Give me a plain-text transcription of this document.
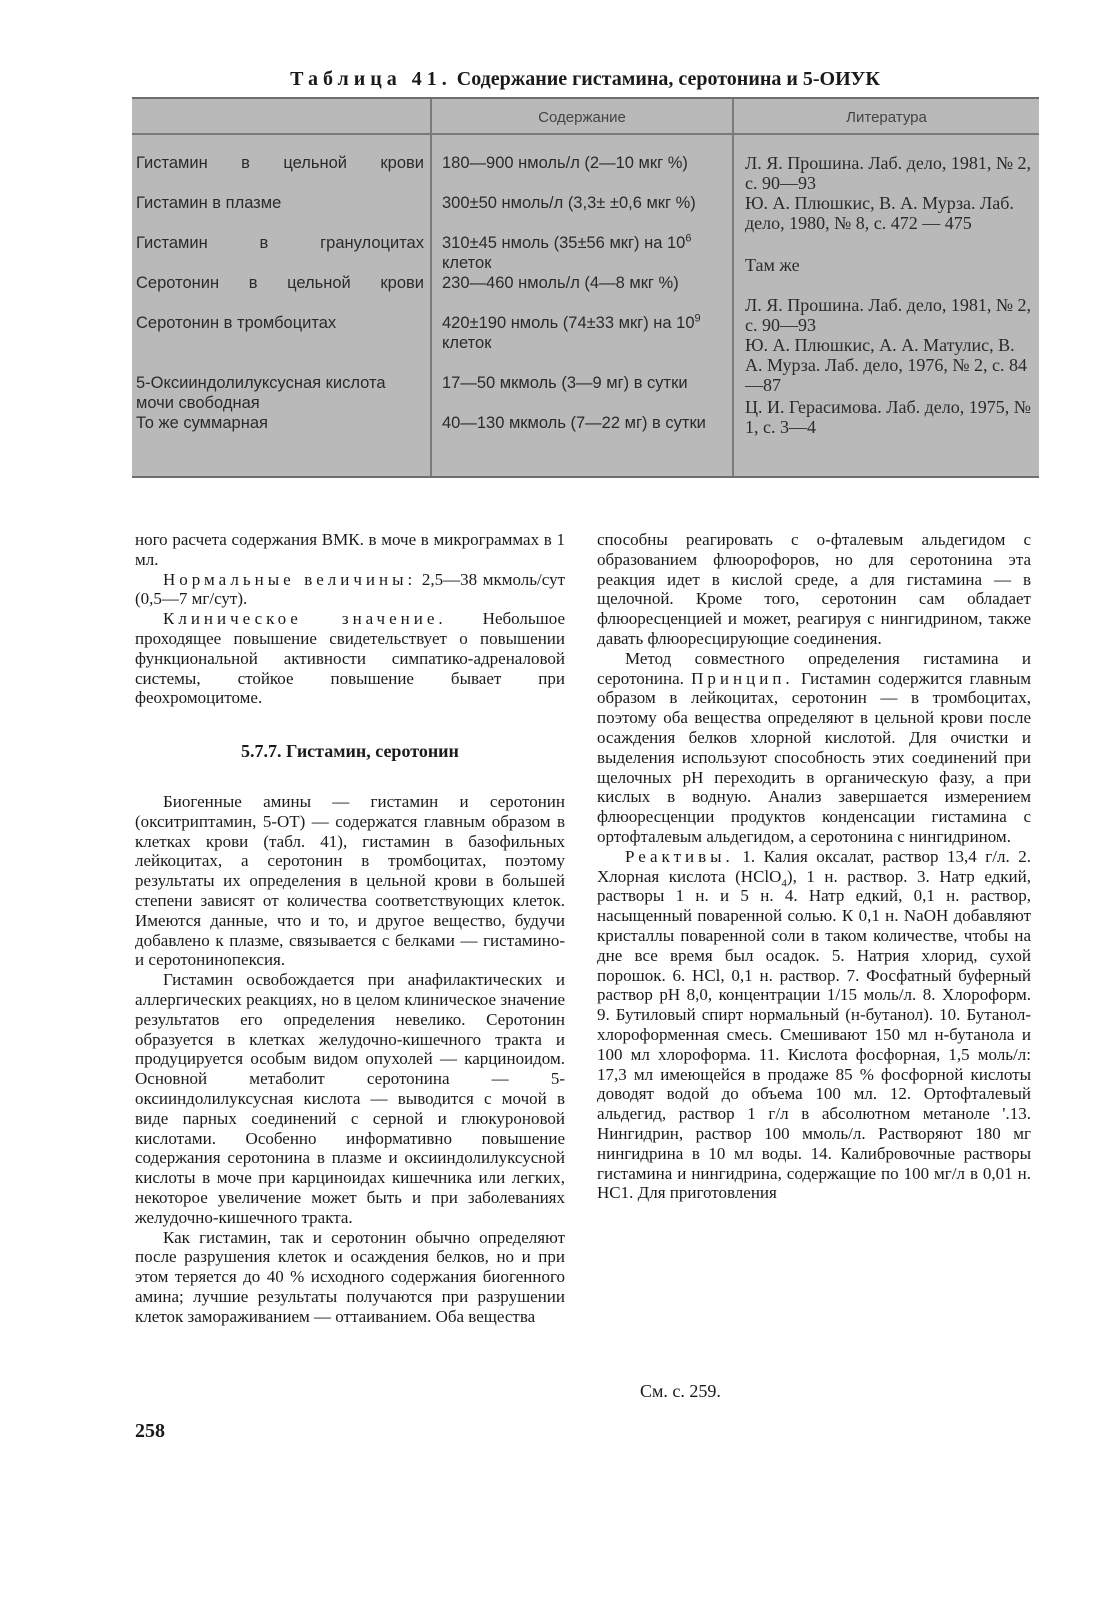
Таблица 41. Содержание гистамина, серотонина и 5-ОИУК
Содержание	Литература
Гистамин в цельной крови
Гистамин в плазме
Гистамин в гранулоцитах
Серотонин в цельной крови
Серотонин в тромбоцитах
5-Оксииндолилуксусная кислота мочи свободная
То же суммарная
180—900 нмоль/л (2—10 мкг %)
300±50 нмоль/л (3,3± ±0,6 мкг %)
310±45 нмоль (35±56 мкг) на $10^6$ клеток
230—460 нмоль/л (4—8 мкг %)
420±190 нмоль (74±33 мкг) на $10^9$ клеток
17—50 мкмоль (3—9 мг) в сутки
40—130 мкмоль (7—22 мг) в сутки
Л. Я. Прошина. Лаб. дело, 1981, № 2, с. 90—93
Ю. А. Плюшкис, В. А. Мурза. Лаб. дело, 1980, № 8, с. 472 — 475
Там же
Л. Я. Прошина. Лаб. дело, 1981, № 2, с. 90—93
Ю. А. Плюшкис, А. А. Матулис, В. А. Мурза. Лаб. дело, 1976, № 2, с. 84—87
Ц. И. Герасимова. Лаб. дело, 1975, № 1, с. 3—4

ного расчета содержания ВМК. в моче в микрограммах в 1 мл.

Нормальные величины: 2,5—38 мкмоль/сут (0,5—7 мг/сут).

Клиническое значение. Небольшое проходящее повышение свидетельствует о повышении функциональной активности симпатико-адреналовой системы, стойкое повышение бывает при феохромоцитоме.

5.7.7. Гистамин, серотонин

Биогенные амины — гистамин и серотонин (окситриптамин, 5-ОТ) — содержатся главным образом в клетках крови (табл. 41), гистамин в базофильных лейкоцитах, а серотонин в тромбоцитах, поэтому результаты их определения в цельной крови в большей степени зависят от количества соответствующих клеток. Имеются данные, что и то, и другое вещество, будучи добавлено к плазме, связывается с белками — гистамино- и серотонинопексия.

Гистамин освобождается при анафилактических и аллергических реакциях, но в целом клиническое значение результатов его определения невелико. Серотонин образуется в клетках желудочно-кишечного тракта и продуцируется особым видом опухолей — карциноидом. Основной метаболит серотонина — 5-оксииндолилуксусная кислота — выводится с мочой в виде парных соединений с серной и глюкуроновой кислотами. Особенно информативно повышение содержания серотонина в плазме и оксииндолилуксусной кислоты в моче при карциноидах кишечника или легких, некоторое увеличение может быть и при заболеваниях желудочно-кишечного тракта.

Как гистамин, так и серотонин обычно определяют после разрушения клеток и осаждения белков, но и при этом теряется до 40 % исходного содержания биогенного амина; лучшие результаты получаются при разрушении клеток замораживанием — оттаиванием. Оба вещества

способны реагировать с о-фталевым альдегидом с образованием флюорофоров, но для серотонина эта реакция идет в кислой среде, а для гистамина — в щелочной. Кроме того, серотонин сам обладает флюоресценцией и может, реагируя с нингидрином, также давать флюоресцирующие соединения.

Метод совместного определения гистамина и серотонина. Принцип. Гистамин содержится главным образом в лейкоцитах, серотонин — в тромбоцитах, поэтому оба вещества определяют в цельной крови после осаждения белков хлорной кислотой. Для очистки и выделения используют способность этих соединений при щелочных рН переходить в органическую фазу, а при кислых в водную. Анализ завершается измерением флюоресценции продуктов конденсации гистамина с ортофталевым альдегидом, а серотонина с нингидрином.

Реактивы. 1. Калия оксалат, раствор 13,4 г/л. 2. Хлорная кислота (HClO$_4$), 1 н. раствор. 3. Натр едкий, растворы 1 н. и 5 н. 4. Натр едкий, 0,1 н. раствор, насыщенный поваренной солью. К 0,1 н. NaOH добавляют кристаллы поваренной соли в таком количестве, чтобы на дне все время был осадок. 5. Натрия хлорид, сухой порошок. 6. HCl, 0,1 н. раствор. 7. Фосфатный буферный раствор pH 8,0, концентрации 1/15 моль/л. 8. Хлороформ. 9. Бутиловый спирт нормальный (н-бутанол). 10. Бутанол-хлороформенная смесь. Смешивают 150 мл н-бутанола и 100 мл хлороформа. 11. Кислота фосфорная, 1,5 моль/л: 17,3 мл имеющейся в продаже 85 % фосфорной кислоты доводят водой до объема 100 мл. 12. Ортофталевый альдегид, раствор 1 г/л в абсолютном метаноле '.13. Нингидрин, раствор 100 ммоль/л. Растворяют 180 мг нингидрина в 10 мл воды. 14. Калибровочные растворы гистамина и нингидрина, содержащие по 100 мг/л в 0,01 н. НС1. Для приготовления

См. с. 259.
258
